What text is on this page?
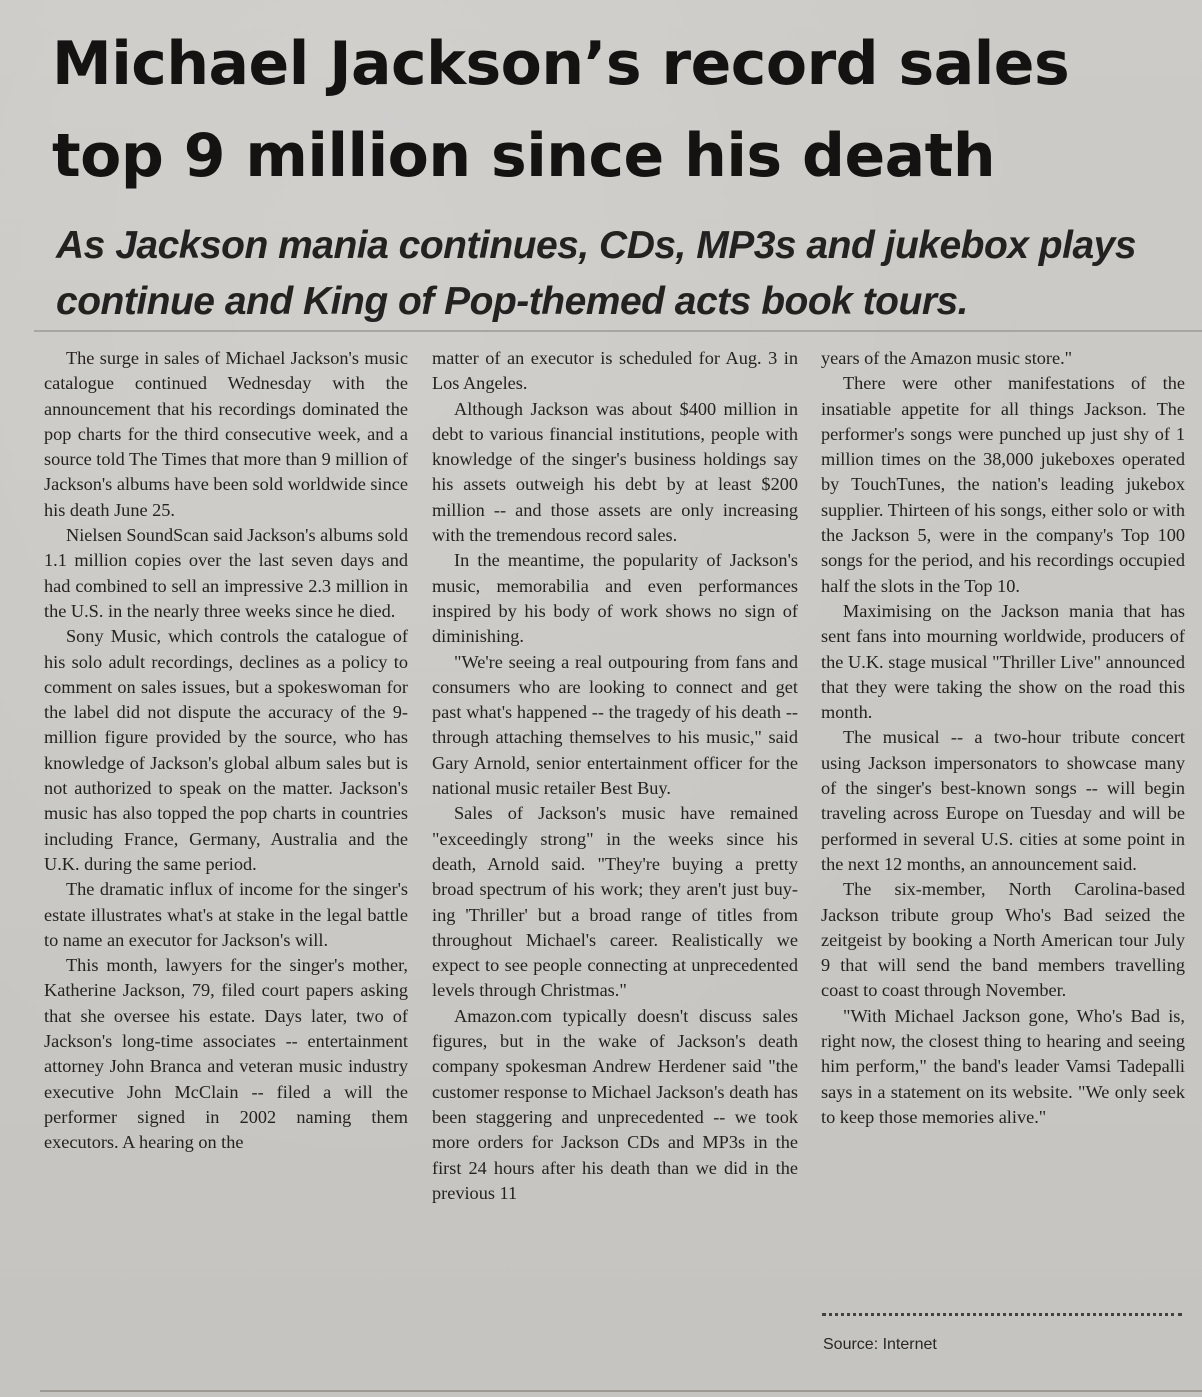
Michael Jackson’s record sales
top 9 million since his death
As Jackson mania continues, CDs, MP3s and jukebox plays
continue and King of Pop-themed acts book tours.

The surge in sales of Michael Jackson's music catalogue continued Wednesday with the announcement that his recordings dominated the pop charts for the third consecutive week, and a source told The Times that more than 9 million of Jackson's albums have been sold worldwide since his death June 25.

Nielsen SoundScan said Jackson's albums sold 1.1 million copies over the last seven days and had combined to sell an impressive 2.3 million in the U.S. in the nearly three weeks since he died.

Sony Music, which controls the catalogue of his solo adult recordings, declines as a policy to comment on sales issues, but a spokeswoman for the label did not dispute the accuracy of the 9-million figure provided by the source, who has knowledge of Jackson's global album sales but is not authorized to speak on the matter. Jackson's music has also topped the pop charts in countries including France, Germany, Australia and the U.K. during the same period.

The dramatic influx of income for the singer's estate illustrates what's at stake in the legal battle to name an executor for Jackson's will.

This month, lawyers for the singer's mother, Katherine Jackson, 79, filed court papers asking that she oversee his estate. Days later, two of Jackson's long-time associates -- entertainment attorney John Branca and veteran music industry executive John McClain -- filed a will the performer signed in 2002 naming them executors. A hearing on the

matter of an executor is scheduled for Aug. 3 in Los Angeles.

Although Jackson was about $400 million in debt to various financial institutions, people with knowledge of the singer's business holdings say his assets outweigh his debt by at least $200 million -- and those assets are only increasing with the tremendous record sales.

In the meantime, the popularity of Jackson's music, memorabilia and even performances inspired by his body of work shows no sign of diminishing.

"We're seeing a real outpouring from fans and consumers who are looking to connect and get past what's happened -- the tragedy of his death -- through attaching themselves to his music," said Gary Arnold, senior entertainment officer for the national music retailer Best Buy.

Sales of Jackson's music have remained "exceedingly strong" in the weeks since his death, Arnold said. "They're buying a pretty broad spectrum of his work; they aren't just buying 'Thriller' but a broad range of titles from throughout Michael's career. Realistically we expect to see people connecting at unprecedented levels through Christmas."

Amazon.com typically doesn't discuss sales figures, but in the wake of Jackson's death company spokesman Andrew Herdener said "the customer response to Michael Jackson's death has been staggering and unprecedented -- we took more orders for Jackson CDs and MP3s in the first 24 hours after his death than we did in the previous 11

years of the Amazon music store."

There were other manifestations of the insatiable appetite for all things Jackson. The performer's songs were punched up just shy of 1 million times on the 38,000 jukeboxes operated by TouchTunes, the nation's leading jukebox supplier. Thirteen of his songs, either solo or with the Jackson 5, were in the company's Top 100 songs for the period, and his recordings occupied half the slots in the Top 10.

Maximising on the Jackson mania that has sent fans into mourning worldwide, producers of the U.K. stage musical "Thriller Live" announced that they were taking the show on the road this month.

The musical -- a two-hour tribute concert using Jackson impersonators to showcase many of the singer's best-known songs -- will begin traveling across Europe on Tuesday and will be performed in several U.S. cities at some point in the next 12 months, an announcement said.

The six-member, North Carolina-based Jackson tribute group Who's Bad seized the zeitgeist by booking a North American tour July 9 that will send the band members travelling coast to coast through November.

"With Michael Jackson gone, Who's Bad is, right now, the closest thing to hearing and seeing him perform," the band's leader Vamsi Tadepalli says in a statement on its website. "We only seek to keep those memories alive."

Source: Internet
